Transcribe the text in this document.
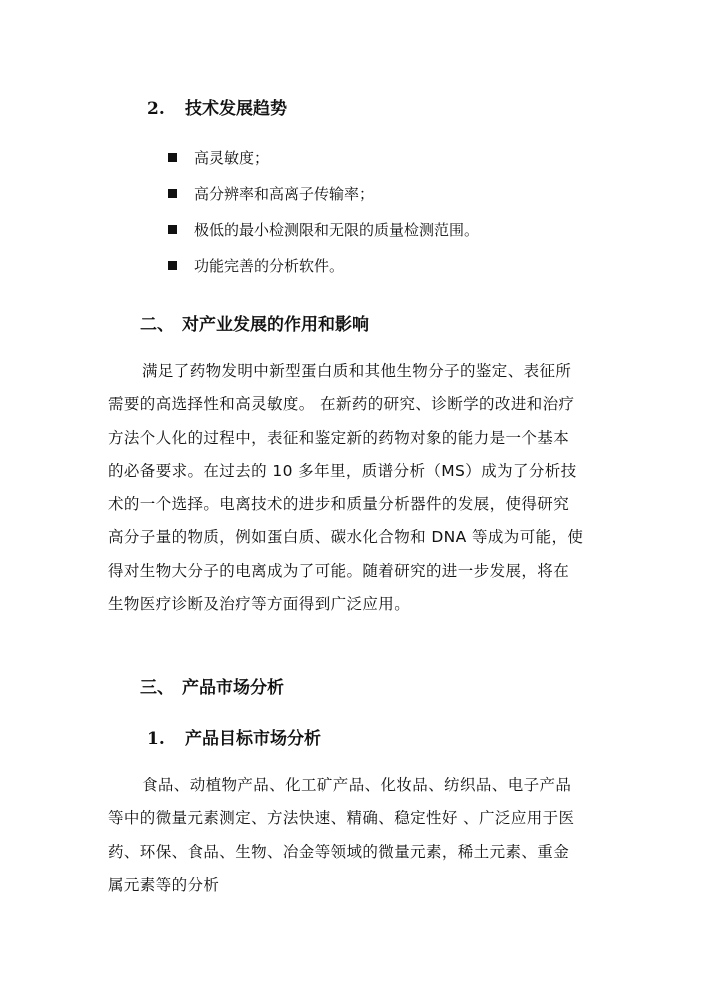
2. 技术发展趋势
高灵敏度；
高分辨率和高离子传输率；
极低的最小检测限和无限的质量检测范围。
功能完善的分析软件。
二、 对产业发展的作用和影响
满足了药物发明中新型蛋白质和其他生物分子的鉴定、表征所
需要的高选择性和高灵敏度。 在新药的研究、诊断学的改进和治疗
方法个人化的过程中，表征和鉴定新的药物对象的能力是一个基本
的必备要求。在过去的 10 多年里，质谱分析（MS）成为了分析技
术的一个选择。电离技术的进步和质量分析器件的发展，使得研究
高分子量的物质，例如蛋白质、碳水化合物和 DNA 等成为可能，使
得对生物大分子的电离成为了可能。随着研究的进一步发展，将在
生物医疗诊断及治疗等方面得到广泛应用。
三、 产品市场分析
1. 产品目标市场分析
食品、动植物产品、化工矿产品、化妆品、纺织品、电子产品
等中的微量元素测定、方法快速、精确、稳定性好 、广泛应用于医
药、环保、食品、生物、冶金等领域的微量元素，稀土元素、重金
属元素等的分析
